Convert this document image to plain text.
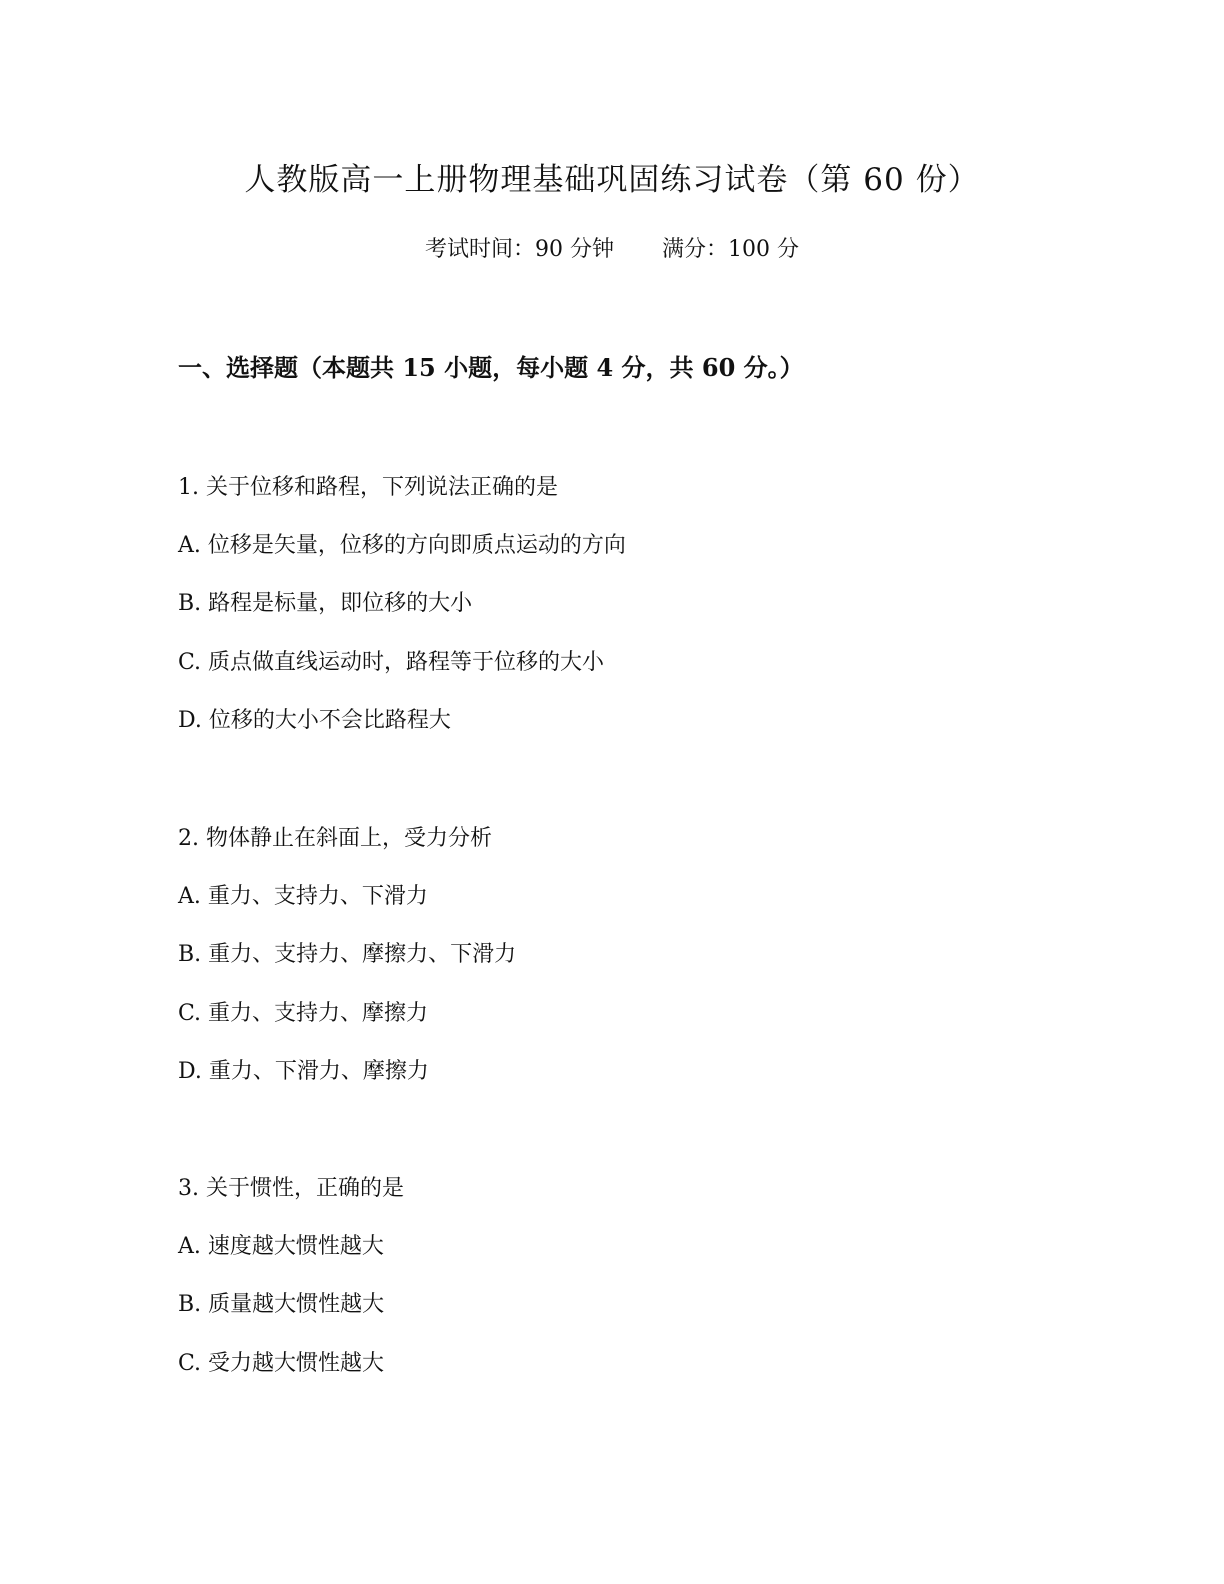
人教版高一上册物理基础巩固练习试卷（第 60 份）
考试时间：90 分钟 满分：100 分
一、选择题（本题共 15 小题，每小题 4 分，共 60 分。）
1. 关于位移和路程，下列说法正确的是
A. 位移是矢量，位移的方向即质点运动的方向
B. 路程是标量，即位移的大小
C. 质点做直线运动时，路程等于位移的大小
D. 位移的大小不会比路程大
2. 物体静止在斜面上，受力分析
A. 重力、支持力、下滑力
B. 重力、支持力、摩擦力、下滑力
C. 重力、支持力、摩擦力
D. 重力、下滑力、摩擦力
3. 关于惯性，正确的是
A. 速度越大惯性越大
B. 质量越大惯性越大
C. 受力越大惯性越大
